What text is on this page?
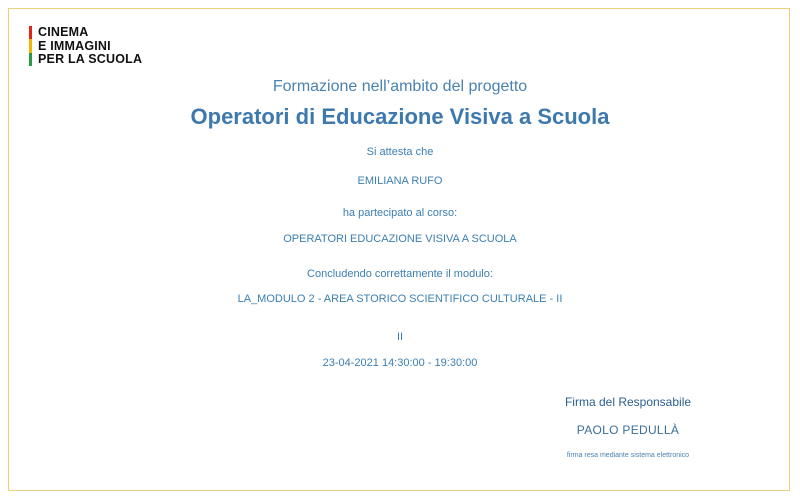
CINEMA
E IMMAGINI
PER LA SCUOLA
Formazione nell’ambito del progetto
Operatori di Educazione Visiva a Scuola
Si attesta che
EMILIANA RUFO
ha partecipato al corso:
OPERATORI EDUCAZIONE VISIVA A SCUOLA
Concludendo correttamente il modulo:
LA_MODULO 2 - AREA STORICO SCIENTIFICO CULTURALE - II
II
23-04-2021 14:30:00 - 19:30:00
Firma del Responsabile
PAOLO PEDULLÀ
firma resa mediante sistema elettronico
